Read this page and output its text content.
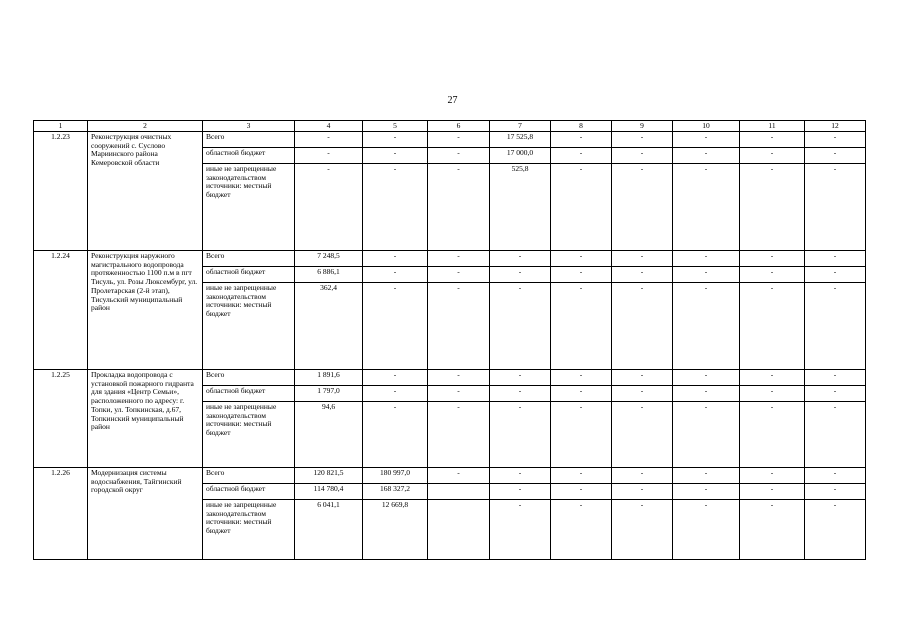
27
1	2	3	4	5	6	7	8	9	10	11	12
1.2.23	Реконструкция очистных сооружений с. Суслово Мариинского района Кемеровской области	Всего	-	-	-	17 525,8	-	-	-	-	-
		областной бюджет	-	-	-	17 000,0	-	-	-	-	-
		иные не запрещенные законодательством источники: местный бюджет	-	-	-	525,8	-	-	-	-	-
1.2.24	Реконструкция наружного магистрального водопровода протяженностью 1100 п.м в пгт Тисуль, ул. Розы Люксембург, ул. Пролетарская (2-й этап), Тисульский муниципальный район	Всего	7 248,5	-	-	-	-	-	-	-	-
		областной бюджет	6 886,1	-	-	-	-	-	-	-	-
		иные не запрещенные законодательством источники: местный бюджет	362,4	-	-	-	-	-	-	-	-
1.2.25	Прокладка водопровода с установкой пожарного гидранта для здания «Центр Семьи», расположенного по адресу: г. Топки, ул. Топкинская, д.67, Топкинский муниципальный район	Всего	1 891,6	-	-	-	-	-	-	-	-
		областной бюджет	1 797,0	-	-	-	-	-	-	-	-
		иные не запрещенные законодательством источники: местный бюджет	94,6	-	-	-	-	-	-	-	-
1.2.26	Модернизация системы водоснабжения, Тайгинский городской округ	Всего	120 821,5	180 997,0	-	-	-	-	-	-	-
		областной бюджет	114 780,4	168 327,2		-	-	-	-	-	-
		иные не запрещенные законодательством источники: местный бюджет	6 041,1	12 669,8		-	-	-	-	-	-
